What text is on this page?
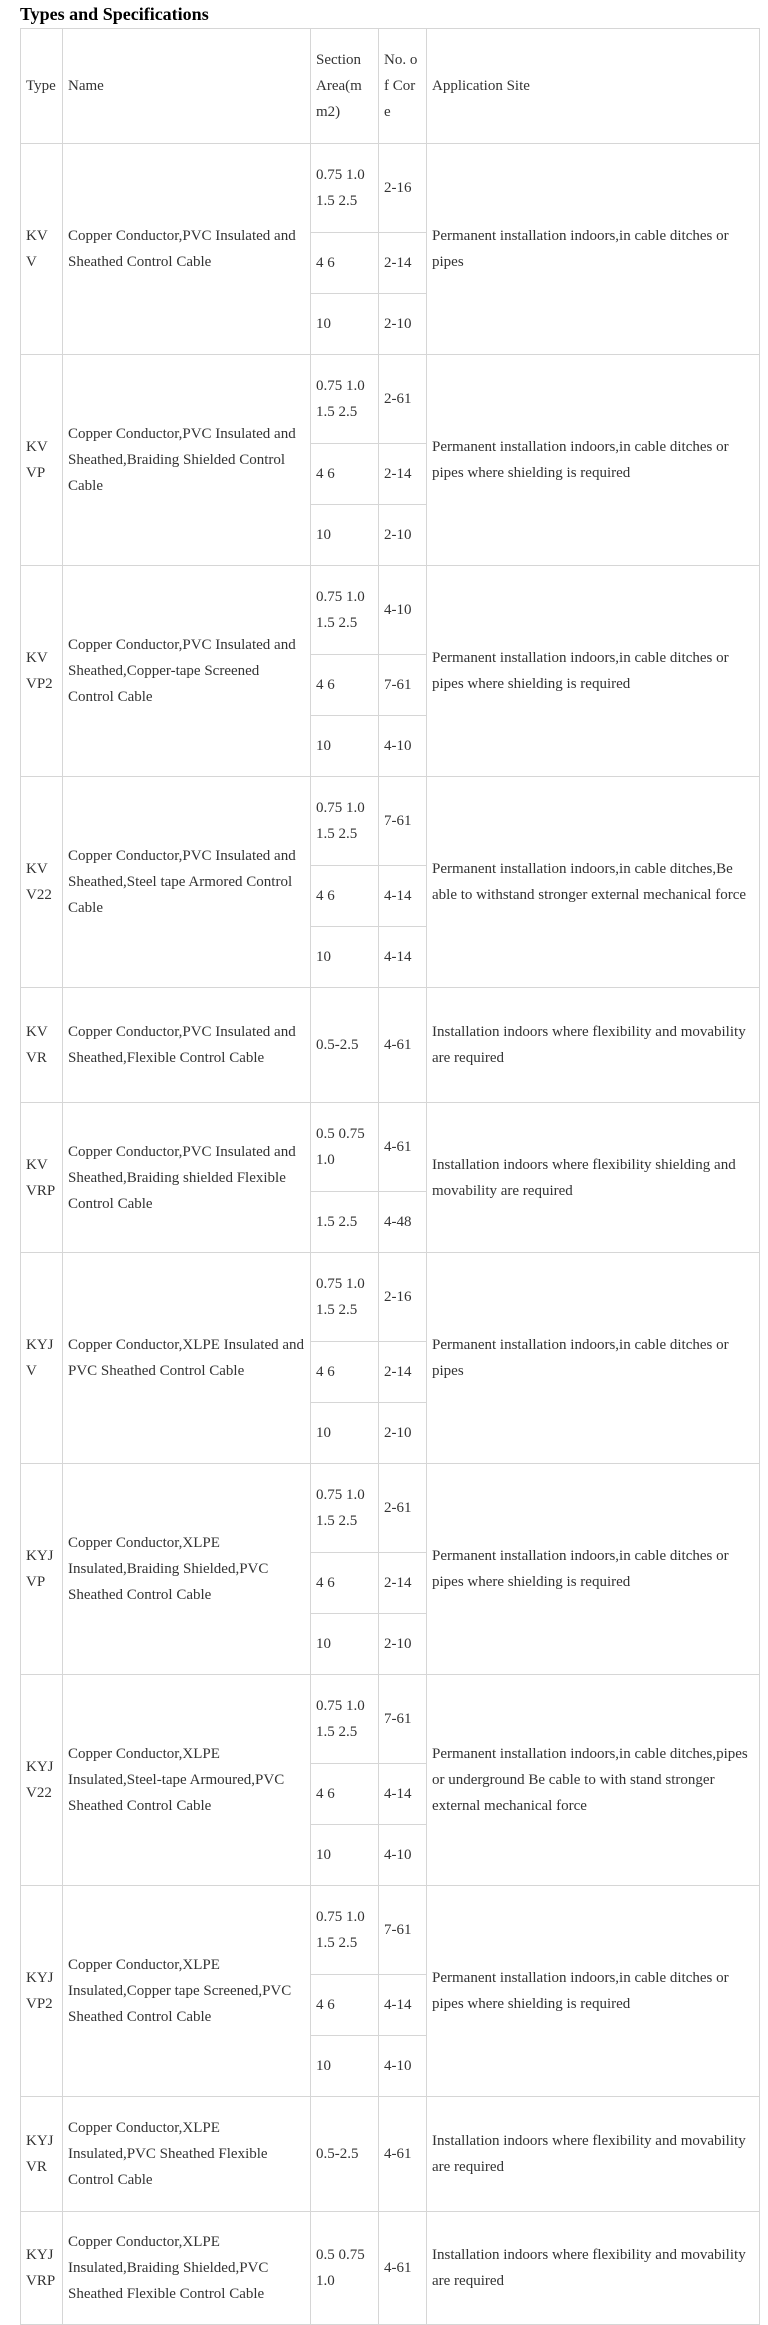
Types and Specifications
Type	Name	Section Area(mm2)	No. of Core	Application Site
KVV	Copper Conductor,PVC Insulated and Sheathed Control Cable	0.75 1.0 1.5 2.5	2-16	Permanent installation indoors,in cable ditches or pipes
		4 6	2-14	
		10	2-10	
KVVP	Copper Conductor,PVC Insulated and Sheathed,Braiding Shielded Control Cable	0.75 1.0 1.5 2.5	2-61	Permanent installation indoors,in cable ditches or pipes where shielding is required
		4 6	2-14	
		10	2-10	
KVVP2	Copper Conductor,PVC Insulated and Sheathed,Copper-tape Screened Control Cable	0.75 1.0 1.5 2.5	4-10	Permanent installation indoors,in cable ditches or pipes where shielding is required
		4 6	7-61	
		10	4-10	
KVV22	Copper Conductor,PVC Insulated and Sheathed,Steel tape Armored Control Cable	0.75 1.0 1.5 2.5	7-61	Permanent installation indoors,in cable ditches,Be able to withstand stronger external mechanical force
		4 6	4-14	
		10	4-14	
KVVR	Copper Conductor,PVC Insulated and Sheathed,Flexible Control Cable	0.5-2.5	4-61	Installation indoors where flexibility and movability are required
KVVRP	Copper Conductor,PVC Insulated and Sheathed,Braiding shielded Flexible Control Cable	0.5 0.75 1.0	4-61	Installation indoors where flexibility shielding and movability are required
		1.5 2.5	4-48	
KYJV	Copper Conductor,XLPE Insulated and PVC Sheathed Control Cable	0.75 1.0 1.5 2.5	2-16	Permanent installation indoors,in cable ditches or pipes
		4 6	2-14	
		10	2-10	
KYJVP	Copper Conductor,XLPE Insulated,Braiding Shielded,PVC Sheathed Control Cable	0.75 1.0 1.5 2.5	2-61	Permanent installation indoors,in cable ditches or pipes where shielding is required
		4 6	2-14	
		10	2-10	
KYJV22	Copper Conductor,XLPE Insulated,Steel-tape Armoured,PVC Sheathed Control Cable	0.75 1.0 1.5 2.5	7-61	Permanent installation indoors,in cable ditches,pipes or underground Be cable to with stand stronger external mechanical force
		4 6	4-14	
		10	4-10	
KYJVP2	Copper Conductor,XLPE Insulated,Copper tape Screened,PVC Sheathed Control Cable	0.75 1.0 1.5 2.5	7-61	Permanent installation indoors,in cable ditches or pipes where shielding is required
		4 6	4-14	
		10	4-10	
KYJVR	Copper Conductor,XLPE Insulated,PVC Sheathed Flexible Control Cable	0.5-2.5	4-61	Installation indoors where flexibility and movability are required
KYJVRP	Copper Conductor,XLPE Insulated,Braiding Shielded,PVC Sheathed Flexible Control Cable	0.5 0.75 1.0	4-61	Installation indoors where flexibility and movability are required
